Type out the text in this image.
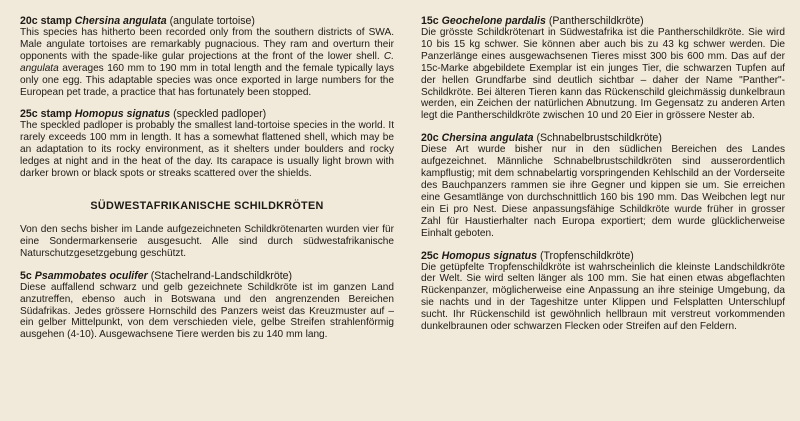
20c stamp Chersina angulata (angulate tortoise)

This species has hitherto been recorded only from the southern districts of SWA. Male angulate tortoises are remarkably pugnacious. They ram and overturn their opponents with the spade-like gular projections at the front of the lower shell. C. angulata averages 160 mm to 190 mm in total length and the female typically lays only one egg. This adaptable species was once exported in large numbers for the European pet trade, a practice that has fortunately been stopped.

25c stamp Homopus signatus (speckled padloper)

The speckled padloper is probably the smallest land-tortoise species in the world. It rarely exceeds 100 mm in length. It has a somewhat flattened shell, which may be an adaptation to its rocky environment, as it shelters under boulders and rocky ledges at night and in the heat of the day. Its carapace is usually light brown with darker brown or black spots or streaks scattered over the shields.

SÜDWESTAFRIKANISCHE SCHILDKRÖTEN

Von den sechs bisher im Lande aufgezeichneten Schildkrötenarten wurden vier für eine Sondermarkenserie ausgesucht. Alle sind durch südwestafrikanische Naturschutzgesetzgebung geschützt.

5c Psammobates oculifer (Stachelrand-Landschildkröte)

Diese auffallend schwarz und gelb gezeichnete Schildkröte ist im ganzen Land anzutreffen, ebenso auch in Botswana und den angrenzenden Bereichen Südafrikas. Jedes grössere Hornschild des Panzers weist das Kreuzmuster auf – ein gelber Mittelpunkt, von dem verschieden viele, gelbe Streifen strahlenförmig ausgehen (4-10). Ausgewachsene Tiere werden bis zu 140 mm lang.

15c Geochelone pardalis (Pantherschildkröte)

Die grösste Schildkrötenart in Südwestafrika ist die Pantherschildkröte. Sie wird 10 bis 15 kg schwer. Sie können aber auch bis zu 43 kg schwer werden. Die Panzerlänge eines ausgewachsenen Tieres misst 300 bis 600 mm. Das auf der 15c-Marke abgebildete Exemplar ist ein junges Tier, die schwarzen Tupfen auf der hellen Grundfarbe sind deutlich sichtbar – daher der Name "Panther"-Schildkröte. Bei älteren Tieren kann das Rückenschild gleichmässig dunkelbraun werden, ein Zeichen der natürlichen Abnutzung. Im Gegensatz zu anderen Arten legt die Pantherschildkröte zwischen 10 und 20 Eier in grössere Nester ab.

20c Chersina angulata (Schnabelbrustschildkröte)

Diese Art wurde bisher nur in den südlichen Bereichen des Landes aufgezeichnet. Männliche Schnabelbrustschildkröten sind ausserordentlich kampflustig; mit dem schnabelartig vorspringenden Kehlschild an der Vorderseite des Bauchpanzers rammen sie ihre Gegner und kippen sie um. Sie erreichen eine Gesamtlänge von durchschnittlich 160 bis 190 mm. Das Weibchen legt nur ein Ei pro Nest. Diese anpassungsfähige Schildkröte wurde früher in grosser Zahl für Haustierhalter nach Europa exportiert; dem wurde glücklicherweise Einhalt geboten.

25c Homopus signatus (Tropfenschildkröte)

Die getüpfelte Tropfenschildkröte ist wahrscheinlich die kleinste Landschildkröte der Welt. Sie wird selten länger als 100 mm. Sie hat einen etwas abgeflachten Rückenpanzer, möglicherweise eine Anpassung an ihre steinige Umgebung, da sie nachts und in der Tageshitze unter Klippen und Felsplatten Unterschlupf sucht. Ihr Rückenschild ist gewöhnlich hellbraun mit verstreut vorkommenden dunkelbraunen oder schwarzen Flecken oder Streifen auf den Feldern.
